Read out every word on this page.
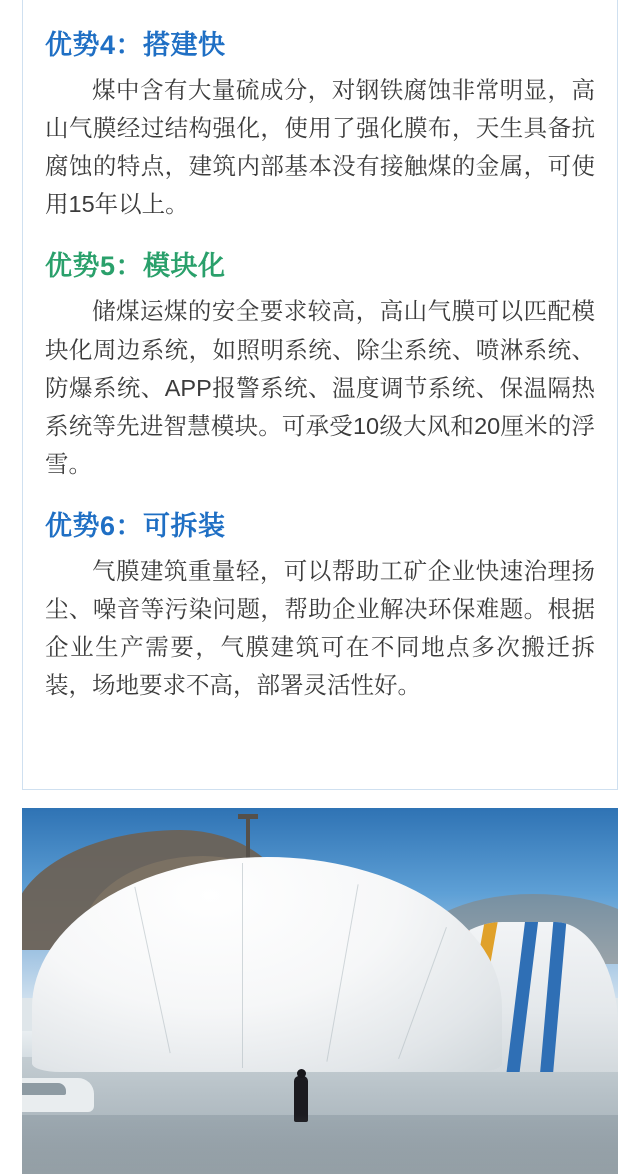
优势4：搭建快
煤中含有大量硫成分，对钢铁腐蚀非常明显，高山气膜经过结构强化，使用了强化膜布，天生具备抗腐蚀的特点，建筑内部基本没有接触煤的金属，可使用15年以上。
优势5：模块化
储煤运煤的安全要求较高，高山气膜可以匹配模块化周边系统，如照明系统、除尘系统、喷淋系统、防爆系统、APP报警系统、温度调节系统、保温隔热系统等先进智慧模块。可承受10级大风和20厘米的浮雪。
优势6：可拆装
气膜建筑重量轻，可以帮助工矿企业快速治理扬尘、噪音等污染问题，帮助企业解决环保难题。根据企业生产需要，气膜建筑可在不同地点多次搬迁拆装，场地要求不高，部署灵活性好。
